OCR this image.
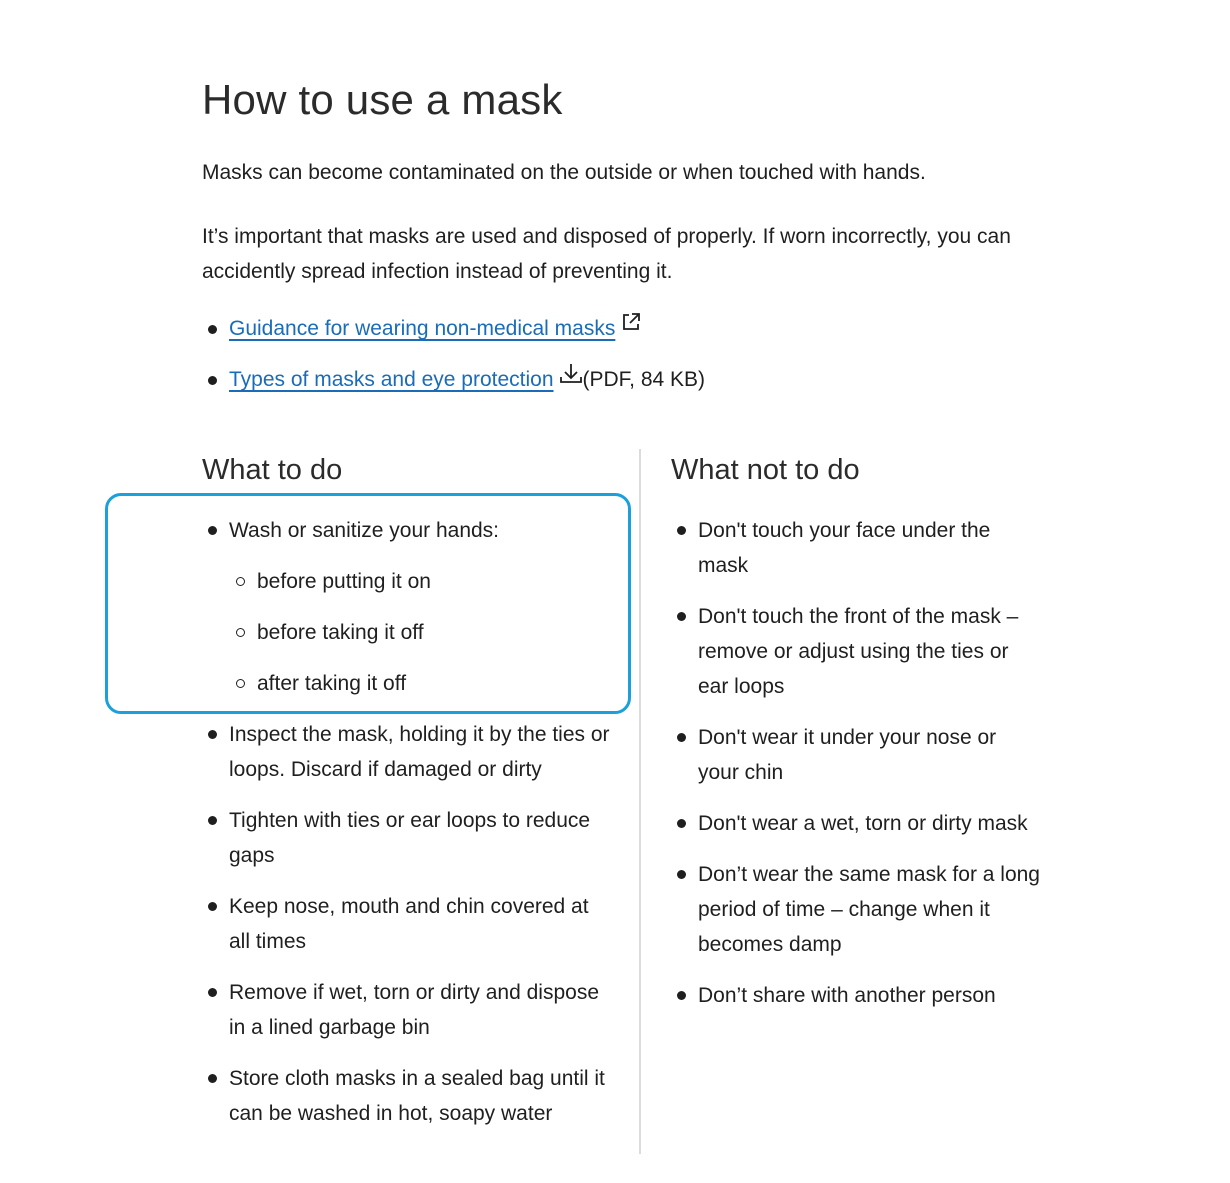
How to use a mask

Masks can become contaminated on the outside or when touched with hands.

It’s important that masks are used and disposed of properly. If worn incorrectly, you can accidently spread infection instead of preventing it.

Guidance for wearing non-medical masks
Types of masks and eye protection (PDF, 84 KB)
What to do	What not to do
Wash or sanitize your hands:
before putting it on
before taking it off
after taking it off
Inspect the mask, holding it by the ties or loops. Discard if damaged or dirty
Tighten with ties or ear loops to reduce gaps
Keep nose, mouth and chin covered at all times
Remove if wet, torn or dirty and dispose in a lined garbage bin
Store cloth masks in a sealed bag until it can be washed in hot, soapy water
Don't touch your face under the mask
Don't touch the front of the mask – remove or adjust using the ties or ear loops
Don't wear it under your nose or your chin
Don't wear a wet, torn or dirty mask
Don’t wear the same mask for a long period of time – change when it becomes damp
Don’t share with another person
